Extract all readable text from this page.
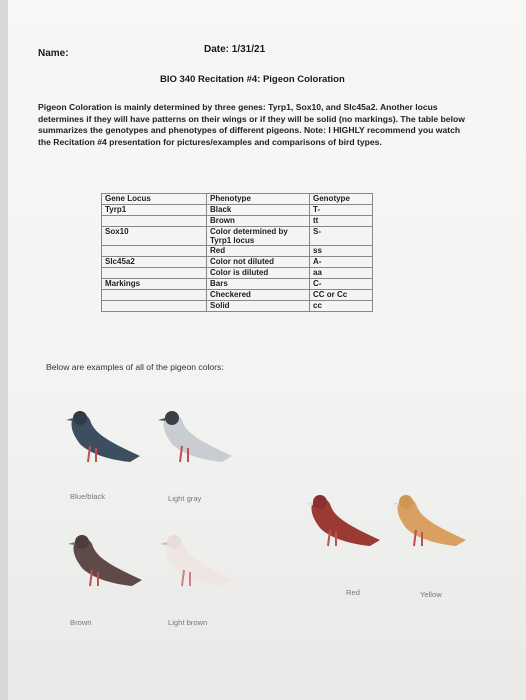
Name:	Date: 1/31/21
BIO 340 Recitation #4: Pigeon Coloration
Pigeon Coloration is mainly determined by three genes: Tyrp1, Sox10, and Slc45a2. Another locus determines if they will have patterns on their wings or if they will be solid (no markings). The table below summarizes the genotypes and phenotypes of different pigeons. Note: I HIGHLY recommend you watch the Recitation #4 presentation for pictures/examples and comparisons of bird types.
Gene Locus	Phenotype	Genotype
Tyrp1	Black	T-
	Brown	tt
Sox10	Color determined by Tyrp1 locus	S-
	Red	ss
Slc45a2	Color not diluted	A-
	Color is diluted	aa
Markings	Bars	C-
	Checkered	CC or Cc
	Solid	cc
Below are examples of all of the pigeon colors:
Blue/black	Light gray
Red	Yellow
Brown	Light brown
